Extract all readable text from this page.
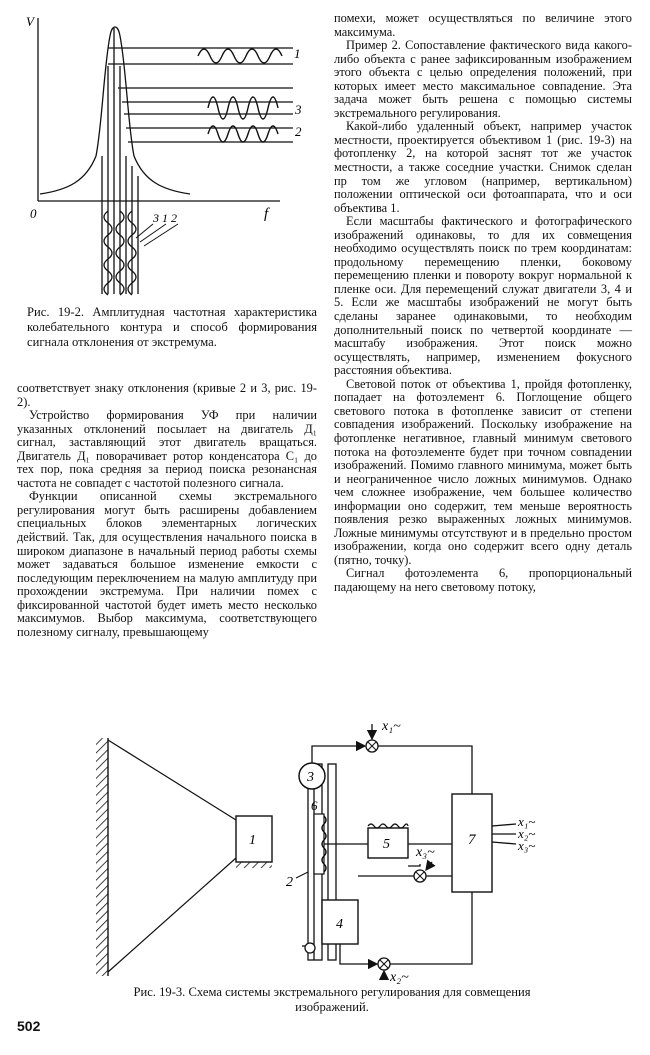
V
f
0
1
3
2
3 1 2
Рис. 19-2. Амплитудная частотная характеристика колебательного контура и способ формирования сигнала отклонения от экстремума.

соответствует знаку отклонения (кривые 2 и 3, рис. 19-2).

Устройство формирования УФ при наличии указанных отклонений посылает на двигатель Д₁ сигнал, заставляющий этот двигатель вращаться. Двигатель Д₁ поворачивает ротор конденсатора C₁ до тех пор, пока средняя за период поиска резонансная частота не совпадет с частотой полезного сигнала.

Функции описанной схемы экстремального регулирования могут быть расширены добавлением специальных блоков элементарных логических действий. Так, для осуществления начального поиска в широком диапазоне в начальный период работы схемы может задаваться большое изменение емкости с последующим переключением на малую амплитуду при прохождении экстремума. При наличии помех с фиксированной частотой будет иметь место несколько максимумов. Выбор максимума, соответствующего полезному сигналу, превышающему

помехи, может осуществляться по величине этого максимума.

Пример 2. Сопоставление фактического вида какого-либо объекта с ранее зафиксированным изображением этого объекта с целью определения положений, при которых имеет место максимальное совпадение. Эта задача может быть решена с помощью системы экстремального регулирования.

Какой-либо удаленный объект, например участок местности, проектируется объективом 1 (рис. 19-3) на фотопленку 2, на которой заснят тот же участок местности, а также соседние участки. Снимок сделан пр том же угловом (например, вертикальном) положении оптической оси фотоаппарата, что и оси объектива 1.

Если масштабы фактического и фотографического изображений одинаковы, то для их совмещения необходимо осуществлять поиск по трем координатам: продольному перемещению пленки, боковому перемещению пленки и повороту вокруг нормальной к пленке оси. Для перемещений служат двигатели 3, 4 и 5. Если же масштабы изображений не могут быть сделаны заранее одинаковыми, то необходим дополнительный поиск по четвертой координате — масштабу изображения. Этот поиск можно осуществлять, например, изменением фокусного расстояния объектива.

Световой поток от объектива 1, пройдя фотопленку, попадает на фотоэлемент 6. Поглощение общего светового потока в фотопленке зависит от степени совпадения изображений. Поскольку изображение на фотопленке негативное, главный минимум светового потока на фотоэлементе будет при точном совпадении изображений. Помимо главного минимума, может быть и неограниченное число ложных минимумов. Однако чем сложнее изображение, чем большее количество информации оно содержит, тем меньше вероятность появления резко выраженных ложных минимумов. Ложные минимумы отсутствуют и в предельно простом изображении, когда оно содержит всего одну деталь (пятно, точку).

Сигнал фотоэлемента 6, пропорциональный падающему на него световому потоку,

1
2
3
6
5	7
4
x₁~
x₃~
x₂~
x₁~
x₂~
x₃~
Рис. 19-3. Схема системы экстремального регулирования для совмещения изображений.
502
